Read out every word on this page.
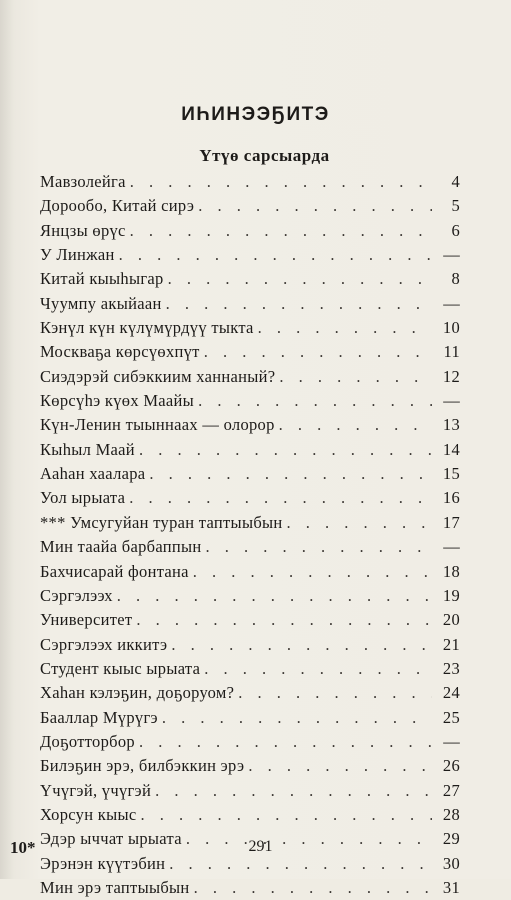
ИҺИНЭЭҔИТЭ
Үтүө сарсыарда
Мавзолейга . . .	4
Дорообо, Китай сирэ . . .	5
Янцзы өрүс . . .	6
У Линжан . . .	—
Китай кыыһыгар . . .	8
Чуумпу акыйаан . . .	—
Кэнүл күн күлүмүрдүү тыкта . . .	10
Москваҕа көрсүөхпүт . . .	11
Сиэдэрэй сибэккиим ханнаный? . . .	12
Көрсүһэ күөх Маайы . . .	—
Күн-Ленин тыыннаах — олорор . . .	13
Кыһыл Маай . . .	14
Ааһан хаалара . . .	15
Уол ырыата . . .	16
*** Умсугуйан туран таптыыбын . . .	17
Мин таайа барбаппын . . .	—
Бахчисарай фонтана . . .	18
Сэргэлээх . . .	19
Университет . . .	20
Сэргэлээх иккитэ . . .	21
Студент кыыс ырыата . . .	23
Хаһан кэлэҕин, доҕоруом? . . .	24
Бааллар Мүрүгэ . . .	25
Доҕотторбор . . .	—
Билэҕин эрэ, билбэккин эрэ . . .	26
Үчүгэй, үчүгэй . . .	27
Хорсун кыыс . . .	28
Эдэр ыччат ырыата . . .	29
Эрэнэн күүтэбин . . .	30
Мин эрэ таптыыбын . . .	31
10*	291
